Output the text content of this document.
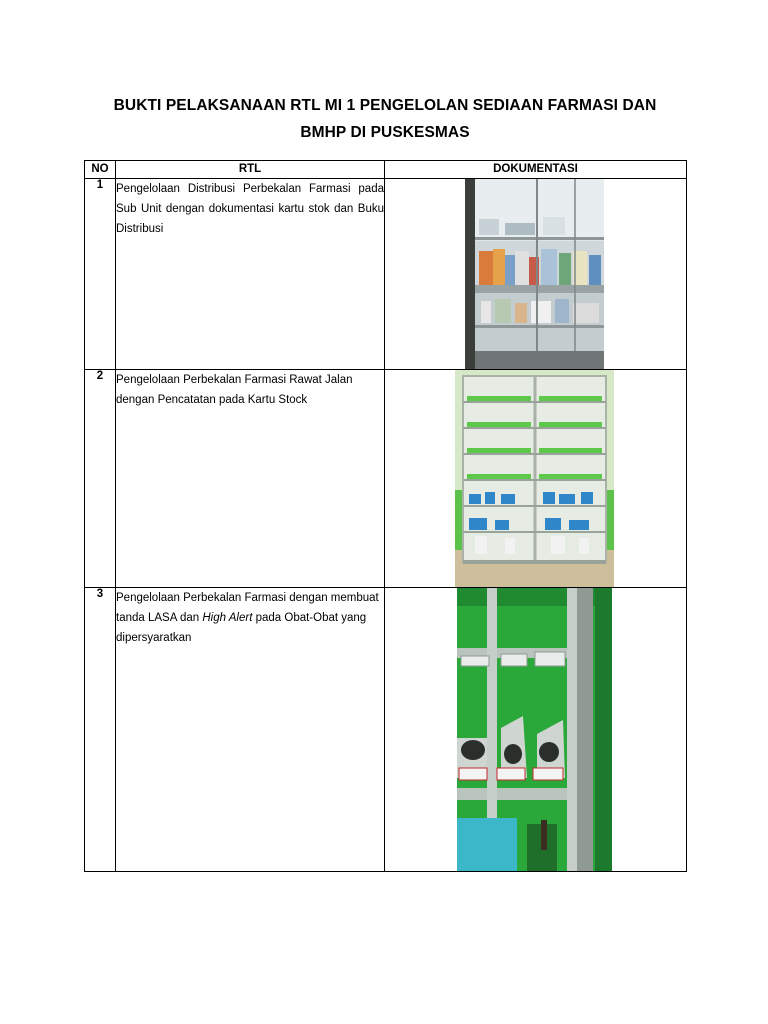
BUKTI PELAKSANAAN RTL MI 1 PENGELOLAN SEDIAAN FARMASI DAN
BMHP DI PUSKESMAS
NO	RTL	DOKUMENTASI
1	Pengelolaan Distribusi Perbekalan Farmasi pada Sub Unit dengan dokumentasi kartu stok dan Buku Distribusi	

2	Pengelolaan Perbekalan Farmasi Rawat Jalan dengan Pencatatan pada Kartu Stock	

3	Pengelolaan Perbekalan Farmasi dengan membuat tanda LASA dan High Alert pada Obat-Obat yang dipersyaratkan	
